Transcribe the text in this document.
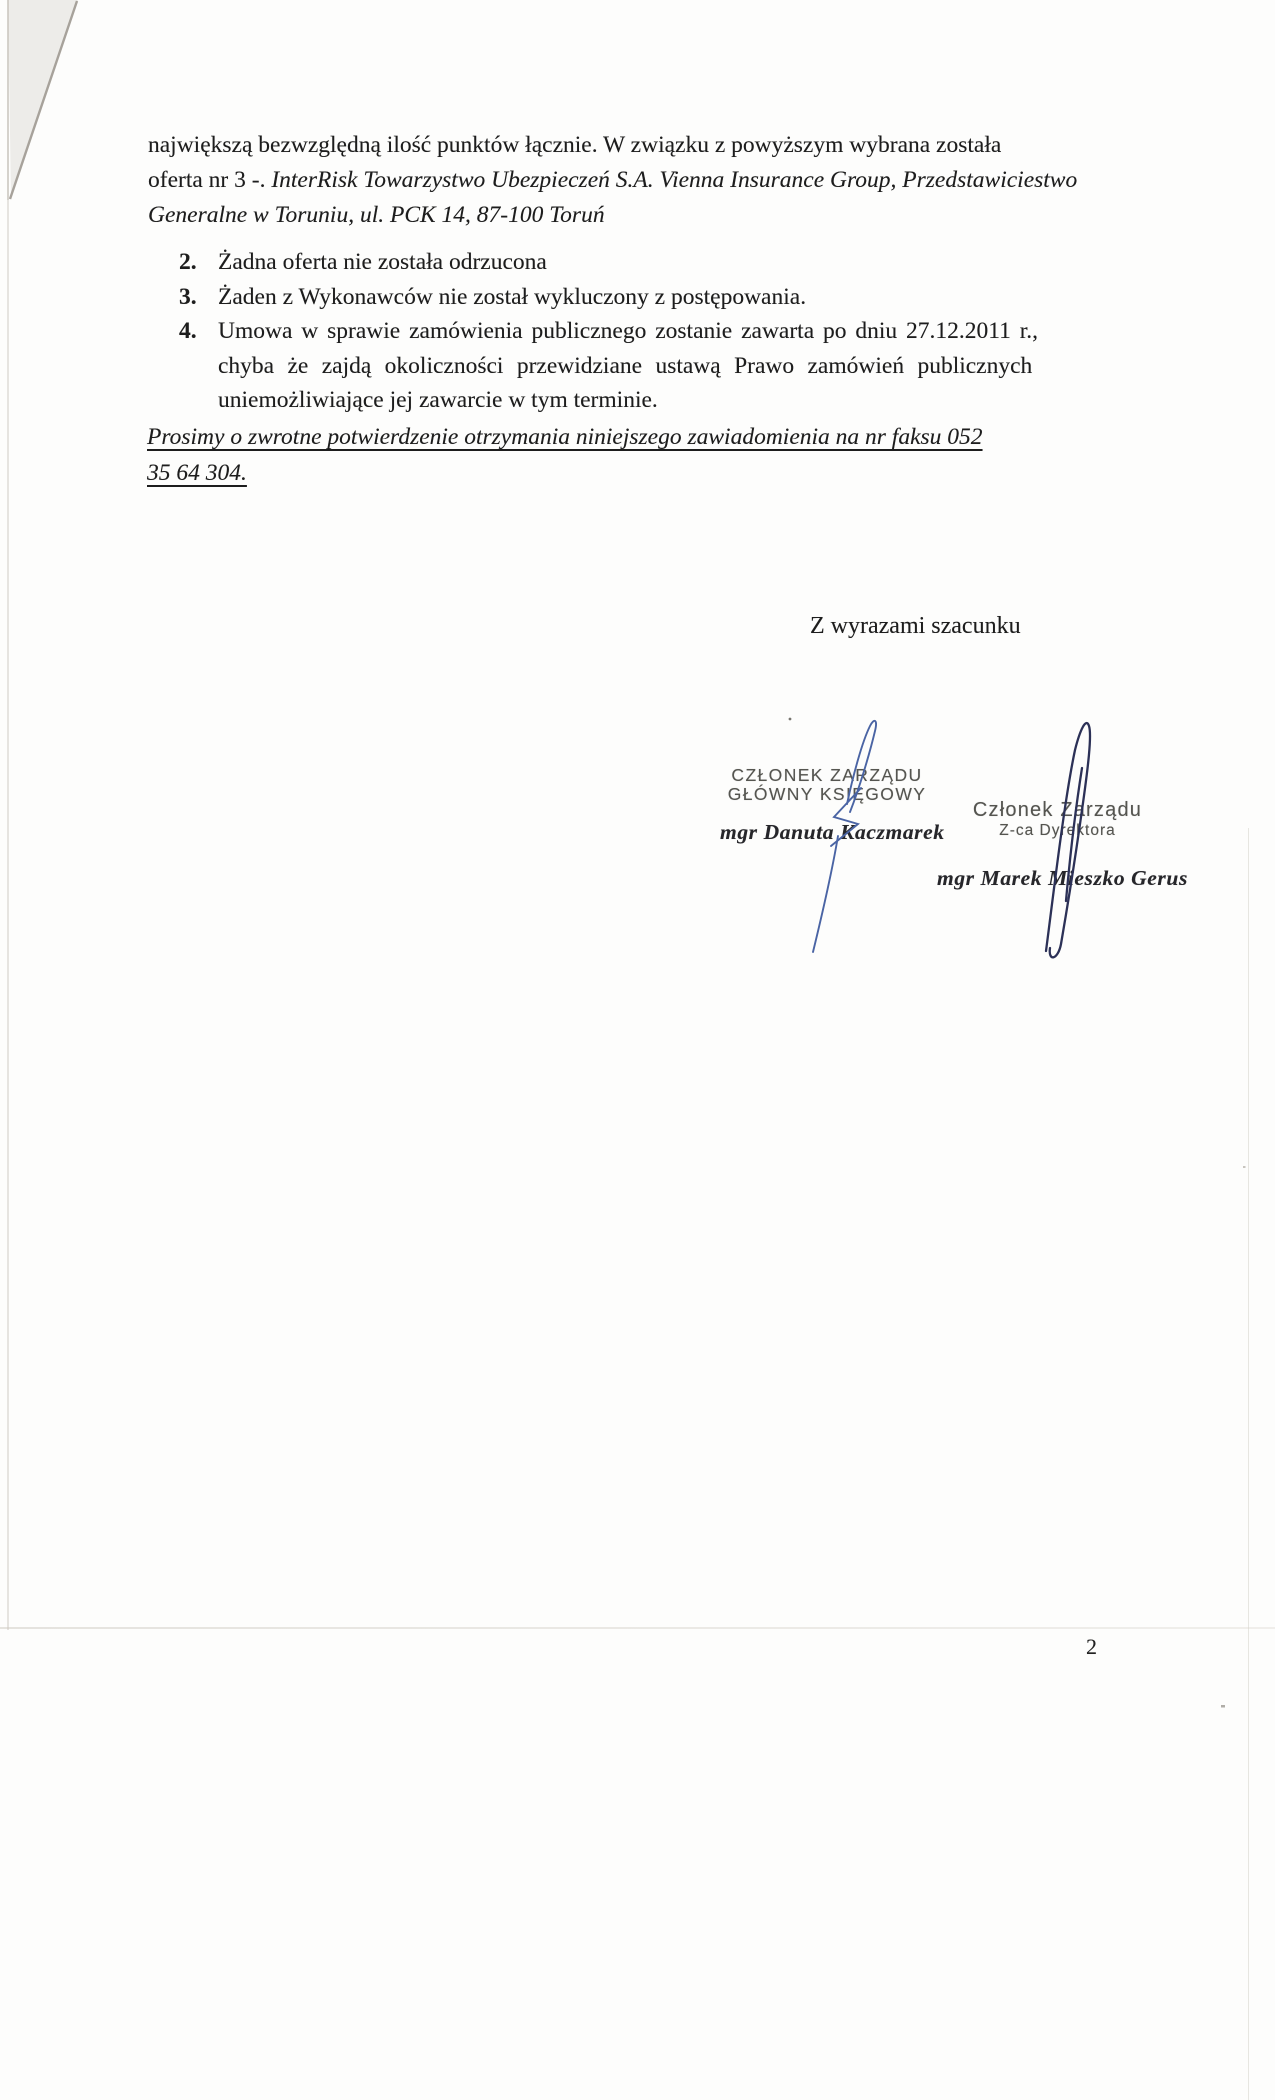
największą bezwzględną ilość punktów łącznie. W związku z powyższym wybrana została
oferta nr 3 -. InterRisk Towarzystwo Ubezpieczeń S.A. Vienna Insurance Group, Przedstawiciestwo
Generalne w Toruniu, ul. PCK 14, 87-100 Toruń
2. Żadna oferta nie została odrzucona
3. Żaden z Wykonawców nie został wykluczony z postępowania.
4. Umowa w sprawie zamówienia publicznego zostanie zawarta po dniu 27.12.2011 r.,
chyba że zajdą okoliczności przewidziane ustawą Prawo zamówień publicznych
uniemożliwiające jej zawarcie w tym terminie.
Prosimy o zwrotne potwierdzenie otrzymania niniejszego zawiadomienia na nr faksu 052
35 64 304.
Z wyrazami szacunku
CZŁONEK ZARZĄDU
GŁÓWNY KSIĘGOWY
mgr Danuta Kaczmarek
Członek Zarządu
Z-ca Dyrektora
mgr Marek Mieszko Gerus
2
